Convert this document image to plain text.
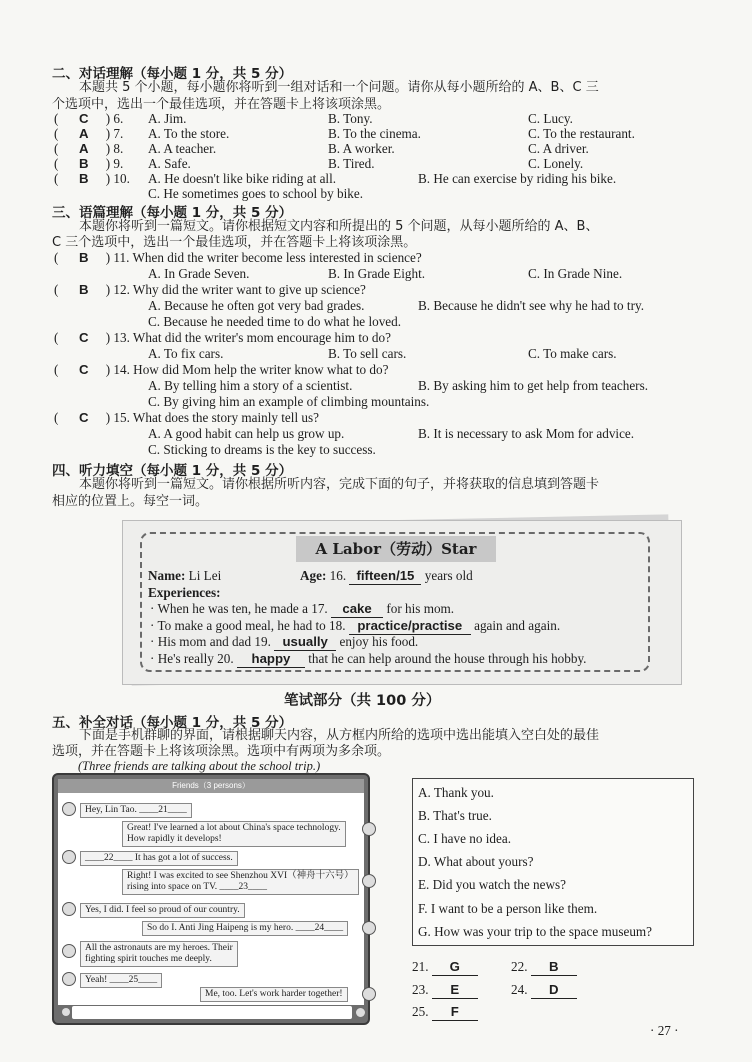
二、对话理解（每小题 1 分，共 5 分）
本题共 5 个小题，每小题你将听到一组对话和一个问题。请你从每小题所给的 A、B、C 三
个选项中，选出一个最佳选项，并在答题卡上将该项涂黑。
( C ) 6. A. Jim.	B. Tony.	C. Lucy.
( A ) 7. A. To the store.	B. To the cinema.	C. To the restaurant.
( A ) 8. A. A teacher.	B. A worker.	C. A driver.
( B ) 9. A. Safe.	B. Tired.	C. Lonely.
( B ) 10. A. He doesn't like bike riding at all.	B. He can exercise by riding his bike.
C. He sometimes goes to school by bike.
三、语篇理解（每小题 1 分，共 5 分）
本题你将听到一篇短文。请你根据短文内容和所提出的 5 个问题，从每小题所给的 A、B、
C 三个选项中，选出一个最佳选项，并在答题卡上将该项涂黑。
( B ) 11. When did the writer become less interested in science?
A. In Grade Seven.	B. In Grade Eight.	C. In Grade Nine.
( B ) 12. Why did the writer want to give up science?
A. Because he often got very bad grades.	B. Because he didn't see why he had to try.
C. Because he needed time to do what he loved.
( C ) 13. What did the writer's mom encourage him to do?
A. To fix cars.	B. To sell cars.	C. To make cars.
( C ) 14. How did Mom help the writer know what to do?
A. By telling him a story of a scientist.	B. By asking him to get help from teachers.
C. By giving him an example of climbing mountains.
( C ) 15. What does the story mainly tell us?
A. A good habit can help us grow up.	B. It is necessary to ask Mom for advice.
C. Sticking to dreams is the key to success.
四、听力填空（每小题 1 分，共 5 分）
本题你将听到一篇短文。请你根据所听内容，完成下面的句子，并将获取的信息填到答题卡
相应的位置上。每空一词。
A Labor（劳动）Star
Name: Li Lei	Age: 16. fifteen/15 years old
Experiences:
· When he was ten, he made a 17. cake for his mom.
· To make a good meal, he had to 18. practice/practise again and again.
· His mom and dad 19. usually enjoy his food.
· He's really 20. happy that he can help around the house through his hobby.
笔试部分（共 100 分）
五、补全对话（每小题 1 分，共 5 分）
下面是手机群聊的界面，请根据聊天内容，从方框内所给的选项中选出能填入空白处的最佳
选项，并在答题卡上将该项涂黑。选项中有两项为多余项。
(Three friends are talking about the school trip.)
Friends（3 persons）
Hey, Lin Tao. ____21____
Great! I've learned a lot about China's space technology.
How rapidly it develops!
____22____ It has got a lot of success.
Right! I was excited to see Shenzhou XVI（神舟十六号）
rising into space on TV. ____23____
Yes, I did. I feel so proud of our country.
So do I. Anti Jing Haipeng is my hero. ____24____
All the astronauts are my heroes. Their
fighting spirit touches me deeply.
Yeah! ____25____
Me, too. Let's work harder together!
A. Thank you.
B. That's true.
C. I have no idea.
D. What about yours?
E. Did you watch the news?
F. I want to be a person like them.
G. How was your trip to the space museum?
21. G	22. B
23. E	24. D
25. F
· 27 ·
